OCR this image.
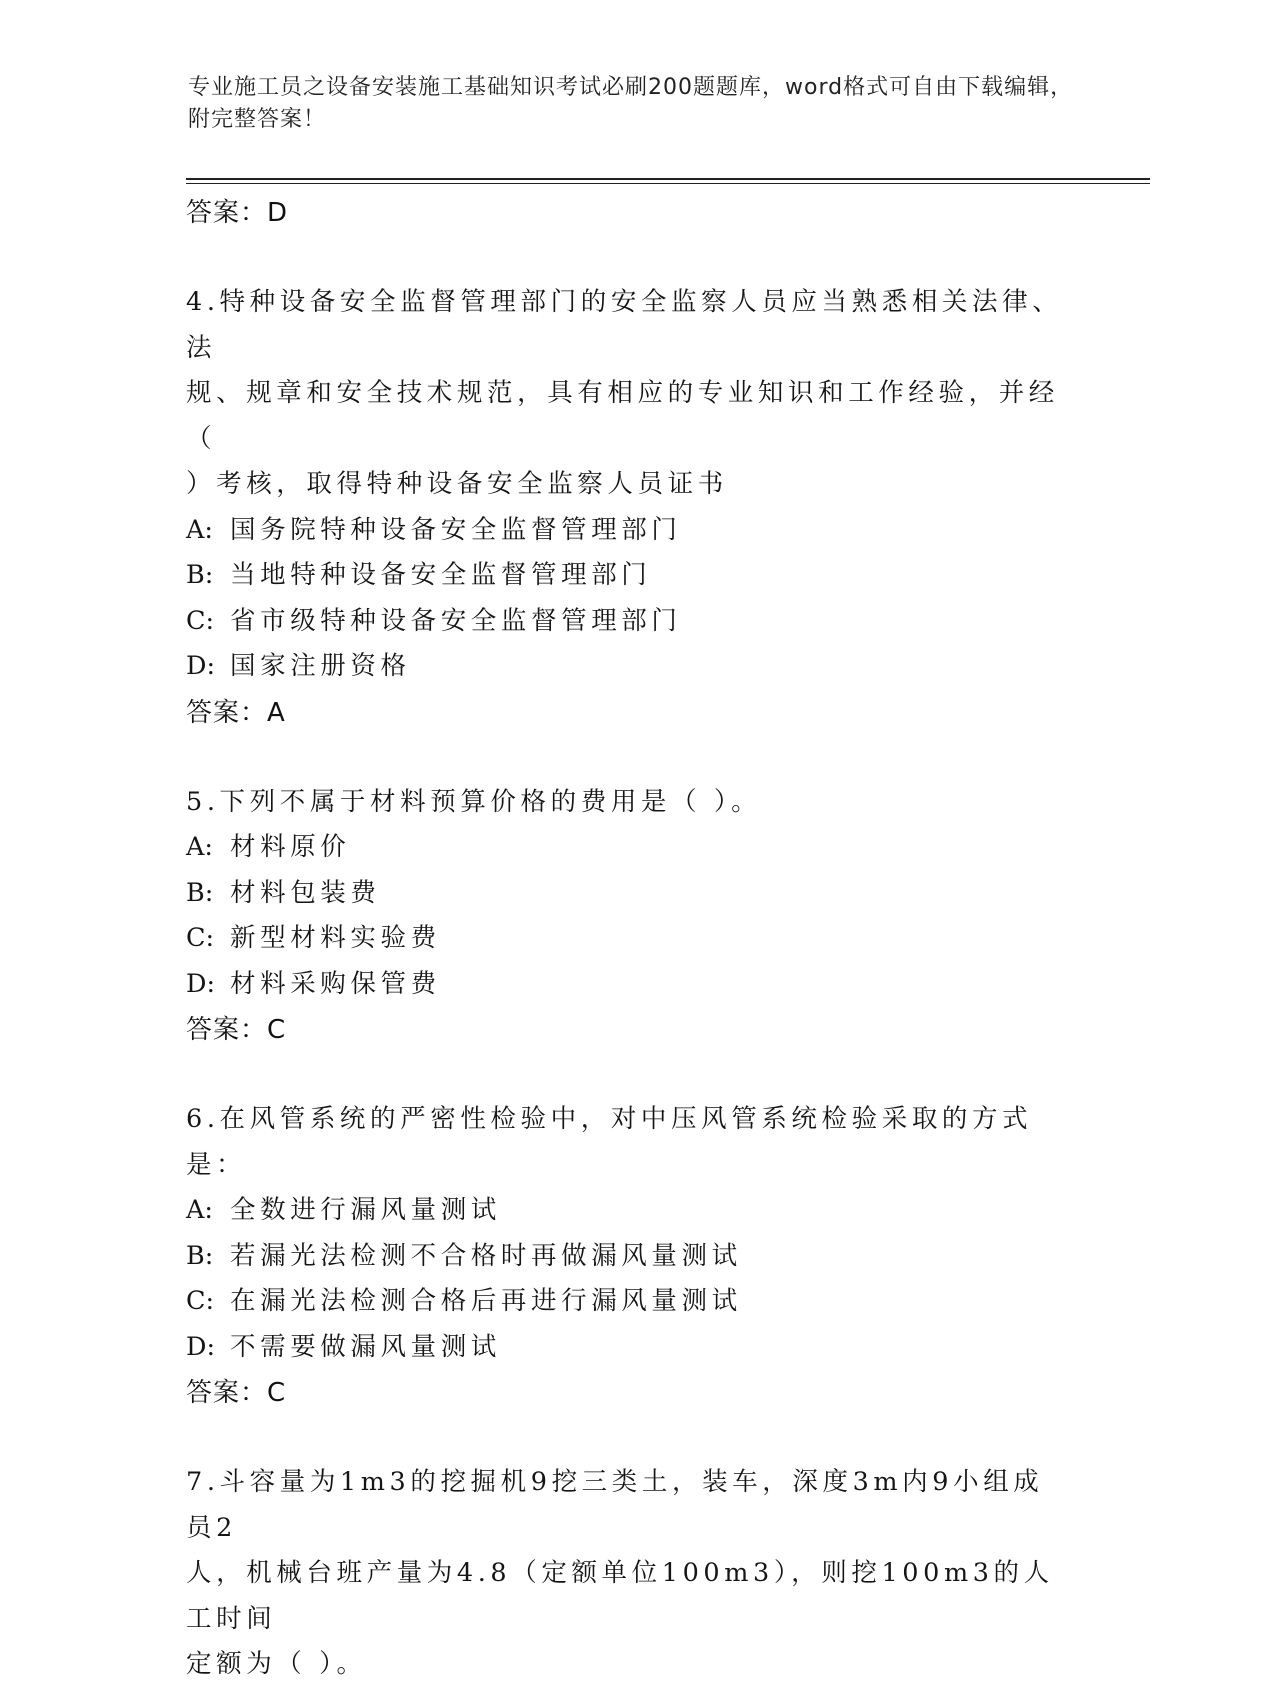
专业施工员之设备安装施工基础知识考试必刷200题题库，word格式可自由下载编辑，附完整答案！
答案：D
4.特种设备安全监督管理部门的安全监察人员应当熟悉相关法律、法
规、规章和安全技术规范，具有相应的专业知识和工作经验，并经（
）考核，取得特种设备安全监察人员证书
A: 国务院特种设备安全监督管理部门
B: 当地特种设备安全监督管理部门
C: 省市级特种设备安全监督管理部门
D: 国家注册资格
答案：A
5.下列不属于材料预算价格的费用是（ ）。
A: 材料原价
B: 材料包装费
C: 新型材料实验费
D: 材料采购保管费
答案：C
6.在风管系统的严密性检验中，对中压风管系统检验采取的方式是：
A: 全数进行漏风量测试
B: 若漏光法检测不合格时再做漏风量测试
C: 在漏光法检测合格后再进行漏风量测试
D: 不需要做漏风量测试
答案：C
7.斗容量为1m3的挖掘机9挖三类土，装车，深度3m内9小组成员2
人，机械台班产量为4.8（定额单位100m3），则挖100m3的人工时间
定额为（ ）。
